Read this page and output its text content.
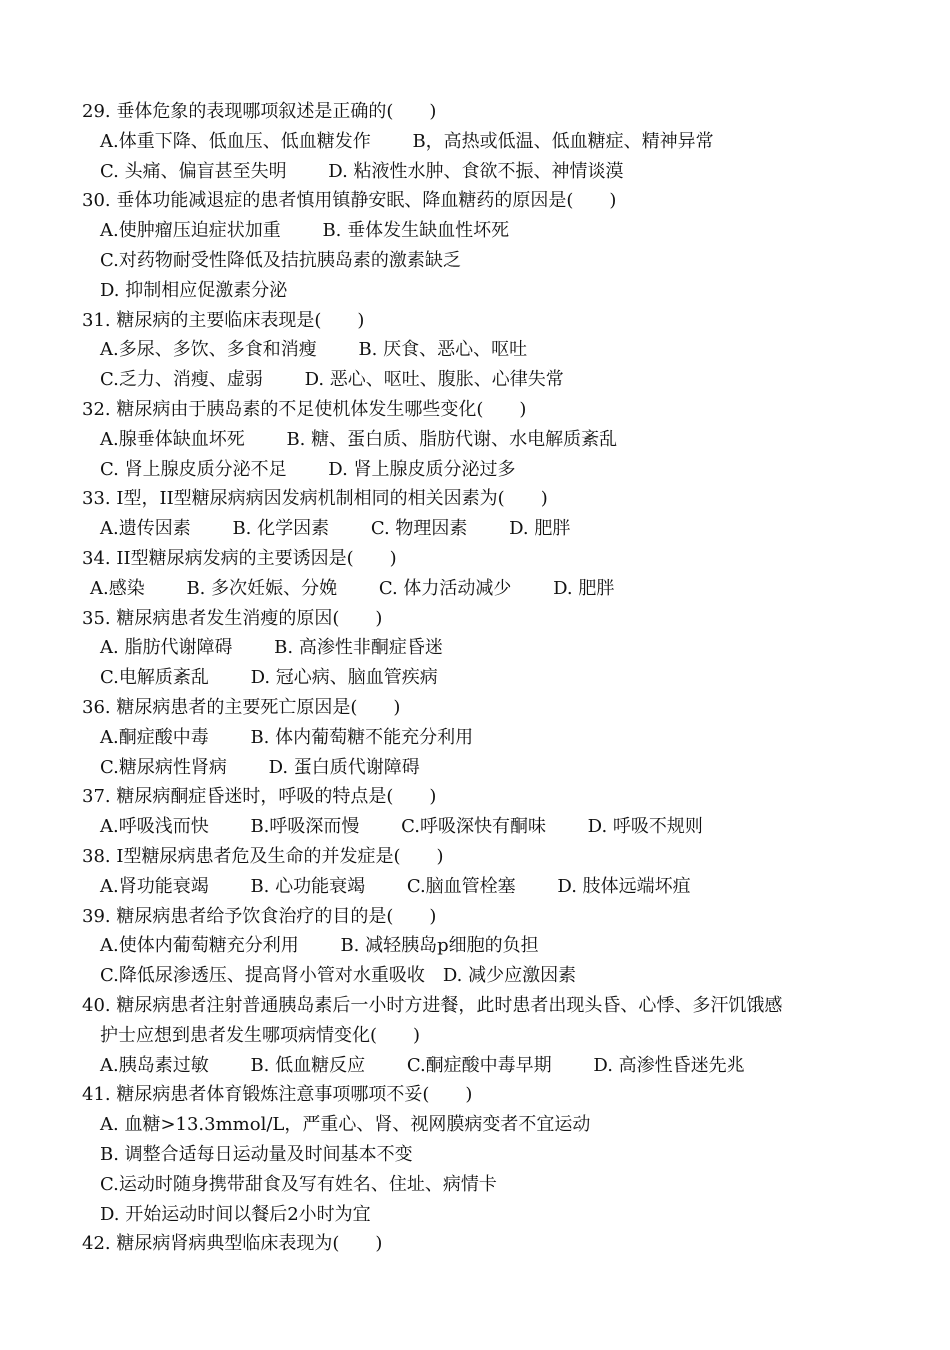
29. 垂体危象的表现哪项叙述是正确的(　　)
A.体重下降、低血压、低血糖发作　　 B，高热或低温、低血糖症、精神异常
C. 头痛、偏盲甚至失明　　 D. 粘液性水肿、食欲不振、神情谈漠
30. 垂体功能减退症的患者慎用镇静安眠、降血糖药的原因是(　　)
A.使肿瘤压迫症状加重　　 B. 垂体发生缺血性坏死
C.对药物耐受性降低及拮抗胰岛素的激素缺乏
D. 抑制相应促激素分泌
31. 糖尿病的主要临床表现是(　　)
A.多尿、多饮、多食和消瘦　　 B. 厌食、恶心、呕吐
C.乏力、消瘦、虚弱　　 D. 恶心、呕吐、腹胀、心律失常
32. 糖尿病由于胰岛素的不足使机体发生哪些变化(　　)
A.腺垂体缺血坏死　　 B. 糖、蛋白质、脂肪代谢、水电解质紊乱
C. 肾上腺皮质分泌不足　　 D. 肾上腺皮质分泌过多
33. I型，II型糖尿病病因发病机制相同的相关因素为(　　)
A.遗传因素　　 B. 化学因素　　 C. 物理因素　　 D. 肥胖
34. II型糖尿病发病的主要诱因是(　　)
A.感染　　 B. 多次妊娠、分娩　　 C. 体力活动减少　　 D. 肥胖
35. 糖尿病患者发生消瘦的原因(　　)
A. 脂肪代谢障碍　　 B. 高渗性非酮症昏迷
C.电解质紊乱　　 D. 冠心病、脑血管疾病
36. 糖尿病患者的主要死亡原因是(　　)
A.酮症酸中毒　　 B. 体内葡萄糖不能充分利用
C.糖尿病性肾病　　 D. 蛋白质代谢障碍
37. 糖尿病酮症昏迷时，呼吸的特点是(　　)
A.呼吸浅而快　　 B.呼吸深而慢　　 C.呼吸深快有酮味　　 D. 呼吸不规则
38. I型糖尿病患者危及生命的并发症是(　　)
A.肾功能衰竭　　 B. 心功能衰竭　　 C.脑血管栓塞　　 D. 肢体远端坏疽
39. 糖尿病患者给予饮食治疗的目的是(　　)
A.使体内葡萄糖充分利用　　 B. 减轻胰岛p细胞的负担
C.降低尿渗透压、提高肾小管对水重吸收　D. 减少应激因素
40. 糖尿病患者注射普通胰岛素后一小时方进餐，此时患者出现头昏、心悸、多汗饥饿感
护士应想到患者发生哪项病情变化(　　)
A.胰岛素过敏　　 B. 低血糖反应　　 C.酮症酸中毒早期　　 D. 高渗性昏迷先兆
41. 糖尿病患者体育锻炼注意事项哪项不妥(　　)
A. 血糖>13.3mmol/L，严重心、肾、视网膜病变者不宜运动
B. 调整合适每日运动量及时间基本不变
C.运动时随身携带甜食及写有姓名、住址、病情卡
D. 开始运动时间以餐后2小时为宜
42. 糖尿病肾病典型临床表现为(　　)
